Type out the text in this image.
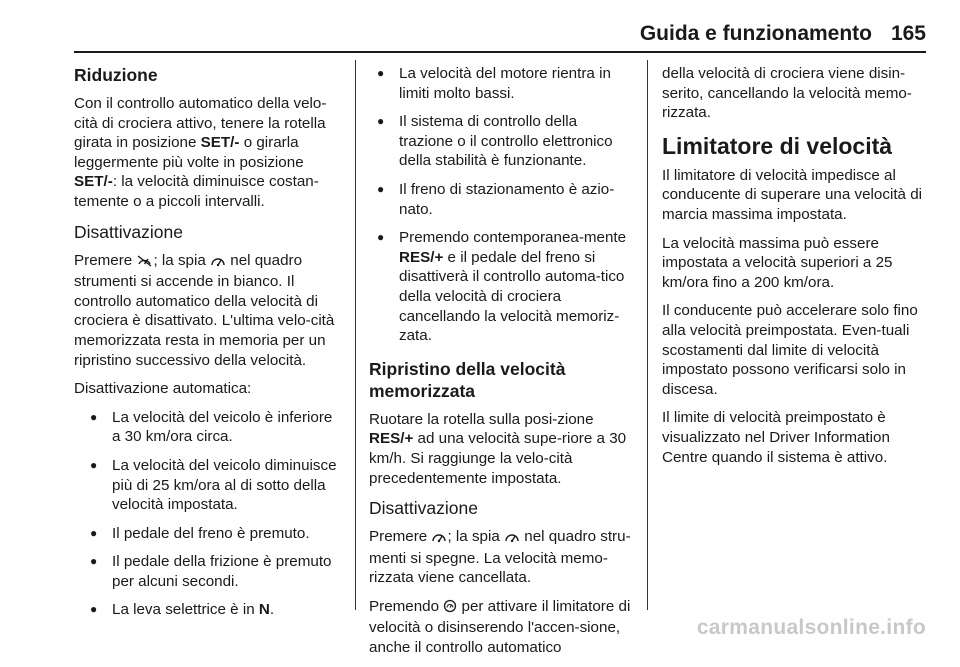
Guida e funzionamento 165
Riduzione

Con il controllo automatico della velo-cità di crociera attivo, tenere la rotella girata in posizione SET/- o girarla leggermente più volte in posizione SET/-: la velocità diminuisce costan-temente o a piccoli intervalli.

Disattivazione

Premere ; la spia  nel quadro strumenti si accende in bianco. Il controllo automatico della velocità di crociera è disattivato. L'ultima velo-cità memorizzata resta in memoria per un ripristino successivo della velocità.

Disattivazione automatica:

● La velocità del veicolo è inferiore a 30 km/ora circa.
● La velocità del veicolo diminuisce più di 25 km/ora al di sotto della velocità impostata.
● Il pedale del freno è premuto.
● Il pedale della frizione è premuto per alcuni secondi.
● La leva selettrice è in N.
● La velocità del motore rientra in limiti molto bassi.
● Il sistema di controllo della trazione o il controllo elettronico della stabilità è funzionante.
● Il freno di stazionamento è azio-nato.
● Premendo contemporanea-mente RES/+ e il pedale del freno si disattiverà il controllo automa-tico della velocità di crociera cancellando la velocità memoriz-zata.
Ripristino della velocità memorizzata

Ruotare la rotella sulla posi-zione RES/+ ad una velocità supe-riore a 30 km/h. Si raggiunge la velo-cità precedentemente impostata.

Disattivazione

Premere ; la spia  nel quadro stru-menti si spegne. La velocità memo-rizzata viene cancellata.

Premendo  per attivare il limitatore di velocità o disinserendo l'accen-sione, anche il controllo automatico

della velocità di crociera viene disin-serito, cancellando la velocità memo-rizzata.

Limitatore di velocità

Il limitatore di velocità impedisce al conducente di superare una velocità di marcia massima impostata.

La velocità massima può essere impostata a velocità superiori a 25 km/ora fino a 200 km/ora.

Il conducente può accelerare solo fino alla velocità preimpostata. Even-tuali scostamenti dal limite di velocità impostato possono verificarsi solo in discesa.

Il limite di velocità preimpostato è visualizzato nel Driver Information Centre quando il sistema è attivo.

carmanualsonline.info
